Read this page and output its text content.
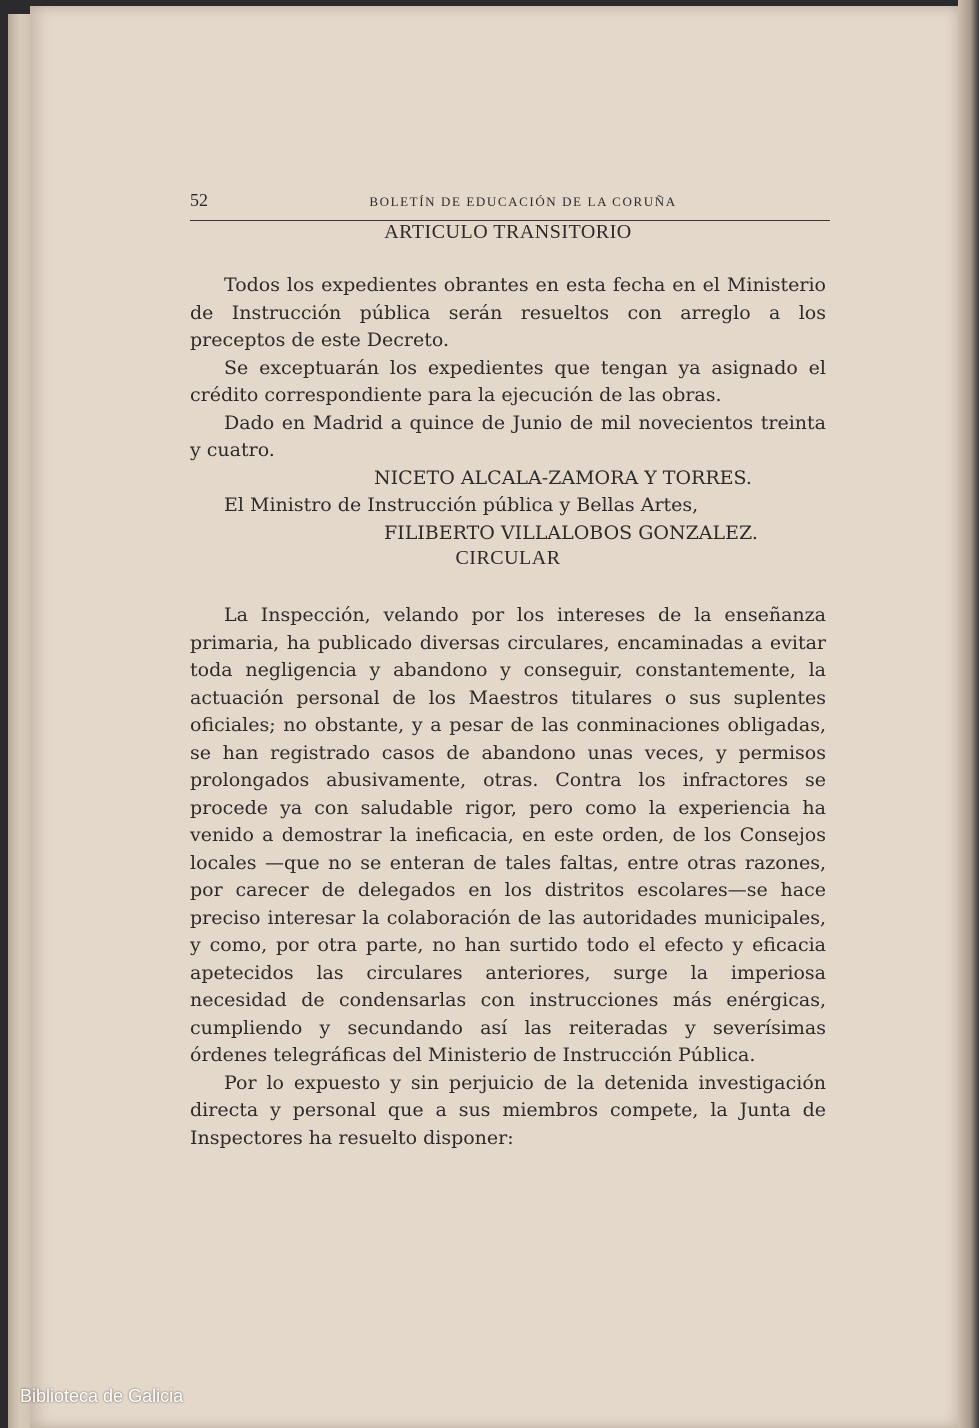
52	BOLETÍN DE EDUCACIÓN DE LA CORUÑA
ARTICULO TRANSITORIO

Todos los expedientes obrantes en esta fecha en el Ministerio de Instrucción pública serán resueltos con arreglo a los preceptos de este Decreto.

Se exceptuarán los expedientes que tengan ya asignado el crédito correspondiente para la ejecución de las obras.

Dado en Madrid a quince de Junio de mil novecientos treinta y cuatro.

NICETO ALCALA-ZAMORA Y TORRES.
El Ministro de Instrucción pública y Bellas Artes,
FILIBERTO VILLALOBOS GONZALEZ.
CIRCULAR

La Inspección, velando por los intereses de la enseñanza primaria, ha publicado diversas circulares, encaminadas a evitar toda negligencia y abandono y conseguir, constantemente, la actuación personal de los Maestros titulares o sus suplentes oficiales; no obstante, y a pesar de las conminaciones obligadas, se han registrado casos de abandono unas veces, y permisos prolongados abusivamente, otras. Contra los infractores se procede ya con saludable rigor, pero como la experiencia ha venido a demostrar la ineficacia, en este orden, de los Consejos locales —que no se enteran de tales faltas, entre otras razones, por carecer de delegados en los distritos escolares—se hace preciso interesar la colaboración de las autoridades municipales, y como, por otra parte, no han surtido todo el efecto y eficacia apetecidos las circulares anteriores, surge la imperiosa necesidad de condensarlas con instrucciones más enérgicas, cumpliendo y secundando así las reiteradas y severísimas órdenes telegráficas del Ministerio de Instrucción Pública.

Por lo expuesto y sin perjuicio de la detenida investigación directa y personal que a sus miembros compete, la Junta de Inspectores ha resuelto disponer:

Biblioteca de Galicia
